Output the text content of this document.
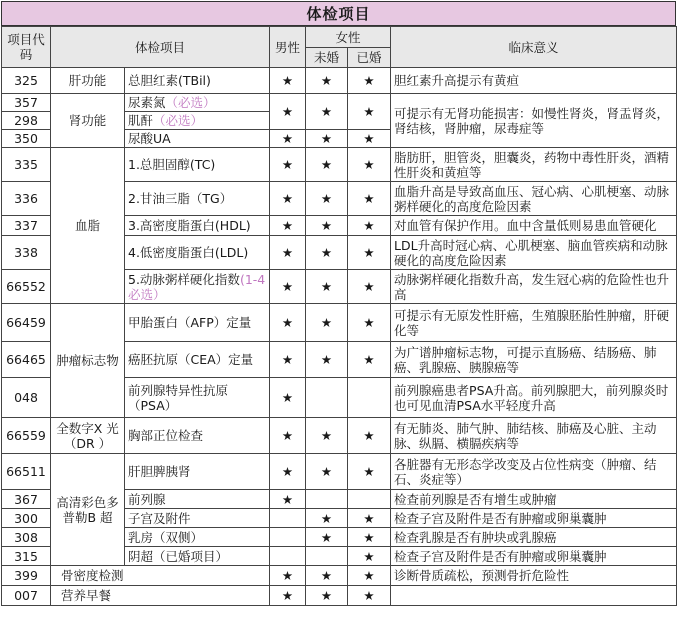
体检项目
项目代码	体检项目		男性	女性		临床意义
				未婚	已婚	
325	肝功能	总胆红素(TBil)	★	★	★	胆红素升高提示有黄疸
357	肾功能	尿素氮（必选）	★	★	★	可提示有无肾功能损害：如慢性肾炎，肾盂肾炎，肾结核，肾肿瘤，尿毒症等
298		肌酐（必选）				
350		尿酸UA	★	★	★	
335	血脂	1.总胆固醇(TC)	★	★	★	脂肪肝，胆管炎，胆囊炎，药物中毒性肝炎，酒精性肝炎和黄疸等
336		2.甘油三脂（TG）	★	★	★	血脂升高是导致高血压、冠心病、心肌梗塞、动脉粥样硬化的高度危险因素
337		3.高密度脂蛋白(HDL)	★	★	★	对血管有保护作用。血中含量低则易患血管硬化
338		4.低密度脂蛋白(LDL)	★	★	★	LDL升高时冠心病、心肌梗塞、脑血管疾病和动脉硬化的高度危险因素
66552		5.动脉粥样硬化指数(1-4必选）	★	★	★	动脉粥样硬化指数升高，发生冠心病的危险性也升高
66459	肿瘤标志物	甲胎蛋白（AFP）定量	★	★	★	可提示有无原发性肝癌，生殖腺胚胎性肿瘤，肝硬化等
66465		癌胚抗原（CEA）定量	★	★	★	为广谱肿瘤标志物，可提示直肠癌、结肠癌、肺癌、乳腺癌、胰腺癌等
048		前列腺特异性抗原（PSA）	★			前列腺癌患者PSA升高。前列腺肥大，前列腺炎时也可见血清PSA水平轻度升高
66559	全数字X 光（DR ）	胸部正位检查	★	★	★	有无肺炎、肺气肿、肺结核、肺癌及心脏、主动脉、纵膈、横膈疾病等
66511	高清彩色多普勒B 超	肝胆脾胰肾	★	★	★	各脏器有无形态学改变及占位性病变（肿瘤、结石、炎症等）
367		前列腺	★			检查前列腺是否有增生或肿瘤
300		子宫及附件		★	★	检查子宫及附件是否有肿瘤或卵巢囊肿
308		乳房（双侧）		★	★	检查乳腺是否有肿块或乳腺癌
315		阴超（已婚项目）			★	检查子宫及附件是否有肿瘤或卵巢囊肿
399	骨密度检测		★	★	★	诊断骨质疏松，预测骨折危险性
007	营养早餐		★	★	★	
